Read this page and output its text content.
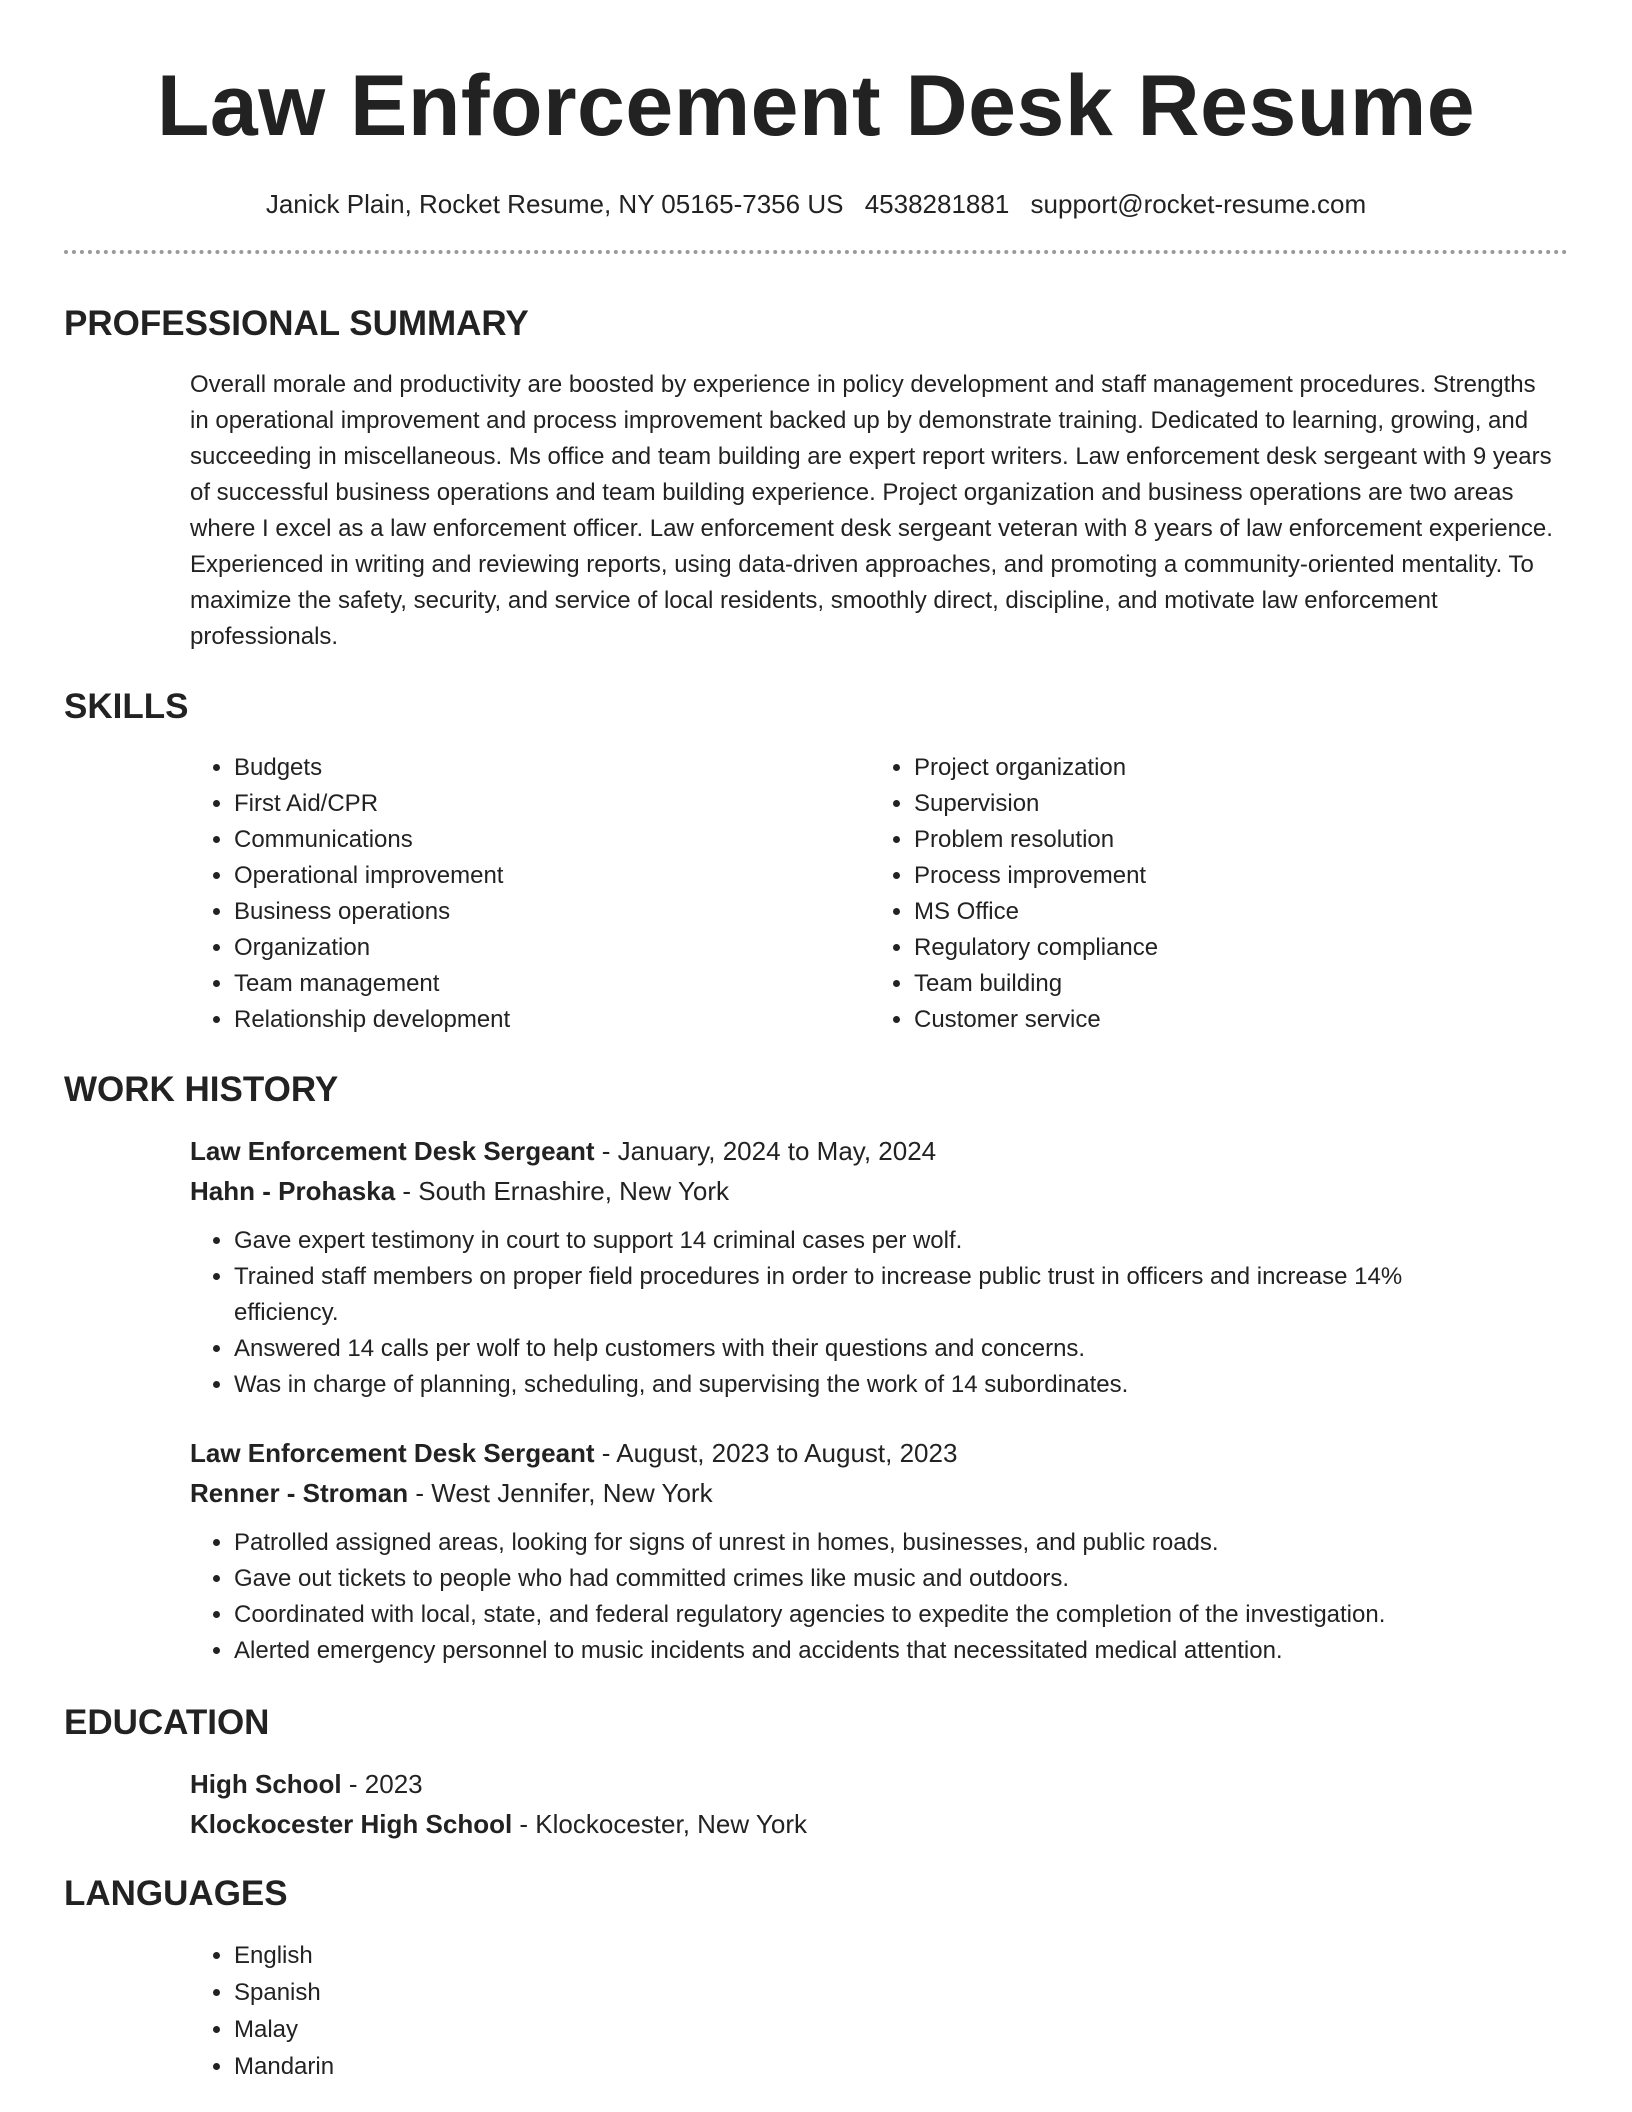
Law Enforcement Desk Resume
Janick Plain, Rocket Resume, NY 05165-7356 US 4538281881 support@rocket-resume.com
PROFESSIONAL SUMMARY
Overall morale and productivity are boosted by experience in policy development and staff management procedures. Strengths in operational improvement and process improvement backed up by demonstrate training. Dedicated to learning, growing, and succeeding in miscellaneous. Ms office and team building are expert report writers. Law enforcement desk sergeant with 9 years of successful business operations and team building experience. Project organization and business operations are two areas where I excel as a law enforcement officer. Law enforcement desk sergeant veteran with 8 years of law enforcement experience. Experienced in writing and reviewing reports, using data-driven approaches, and promoting a community-oriented mentality. To maximize the safety, security, and service of local residents, smoothly direct, discipline, and motivate law enforcement professionals.
SKILLS
• Budgets
• First Aid/CPR
• Communications
• Operational improvement
• Business operations
• Organization
• Team management
• Relationship development
• Project organization
• Supervision
• Problem resolution
• Process improvement
• MS Office
• Regulatory compliance
• Team building
• Customer service
WORK HISTORY
Law Enforcement Desk Sergeant - January, 2024 to May, 2024
Hahn - Prohaska - South Ernashire, New York
• Gave expert testimony in court to support 14 criminal cases per wolf.
• Trained staff members on proper field procedures in order to increase public trust in officers and increase 14% efficiency.
• Answered 14 calls per wolf to help customers with their questions and concerns.
• Was in charge of planning, scheduling, and supervising the work of 14 subordinates.
Law Enforcement Desk Sergeant - August, 2023 to August, 2023
Renner - Stroman - West Jennifer, New York
• Patrolled assigned areas, looking for signs of unrest in homes, businesses, and public roads.
• Gave out tickets to people who had committed crimes like music and outdoors.
• Coordinated with local, state, and federal regulatory agencies to expedite the completion of the investigation.
• Alerted emergency personnel to music incidents and accidents that necessitated medical attention.
EDUCATION
High School - 2023
Klockocester High School - Klockocester, New York
LANGUAGES
• English
• Spanish
• Malay
• Mandarin
